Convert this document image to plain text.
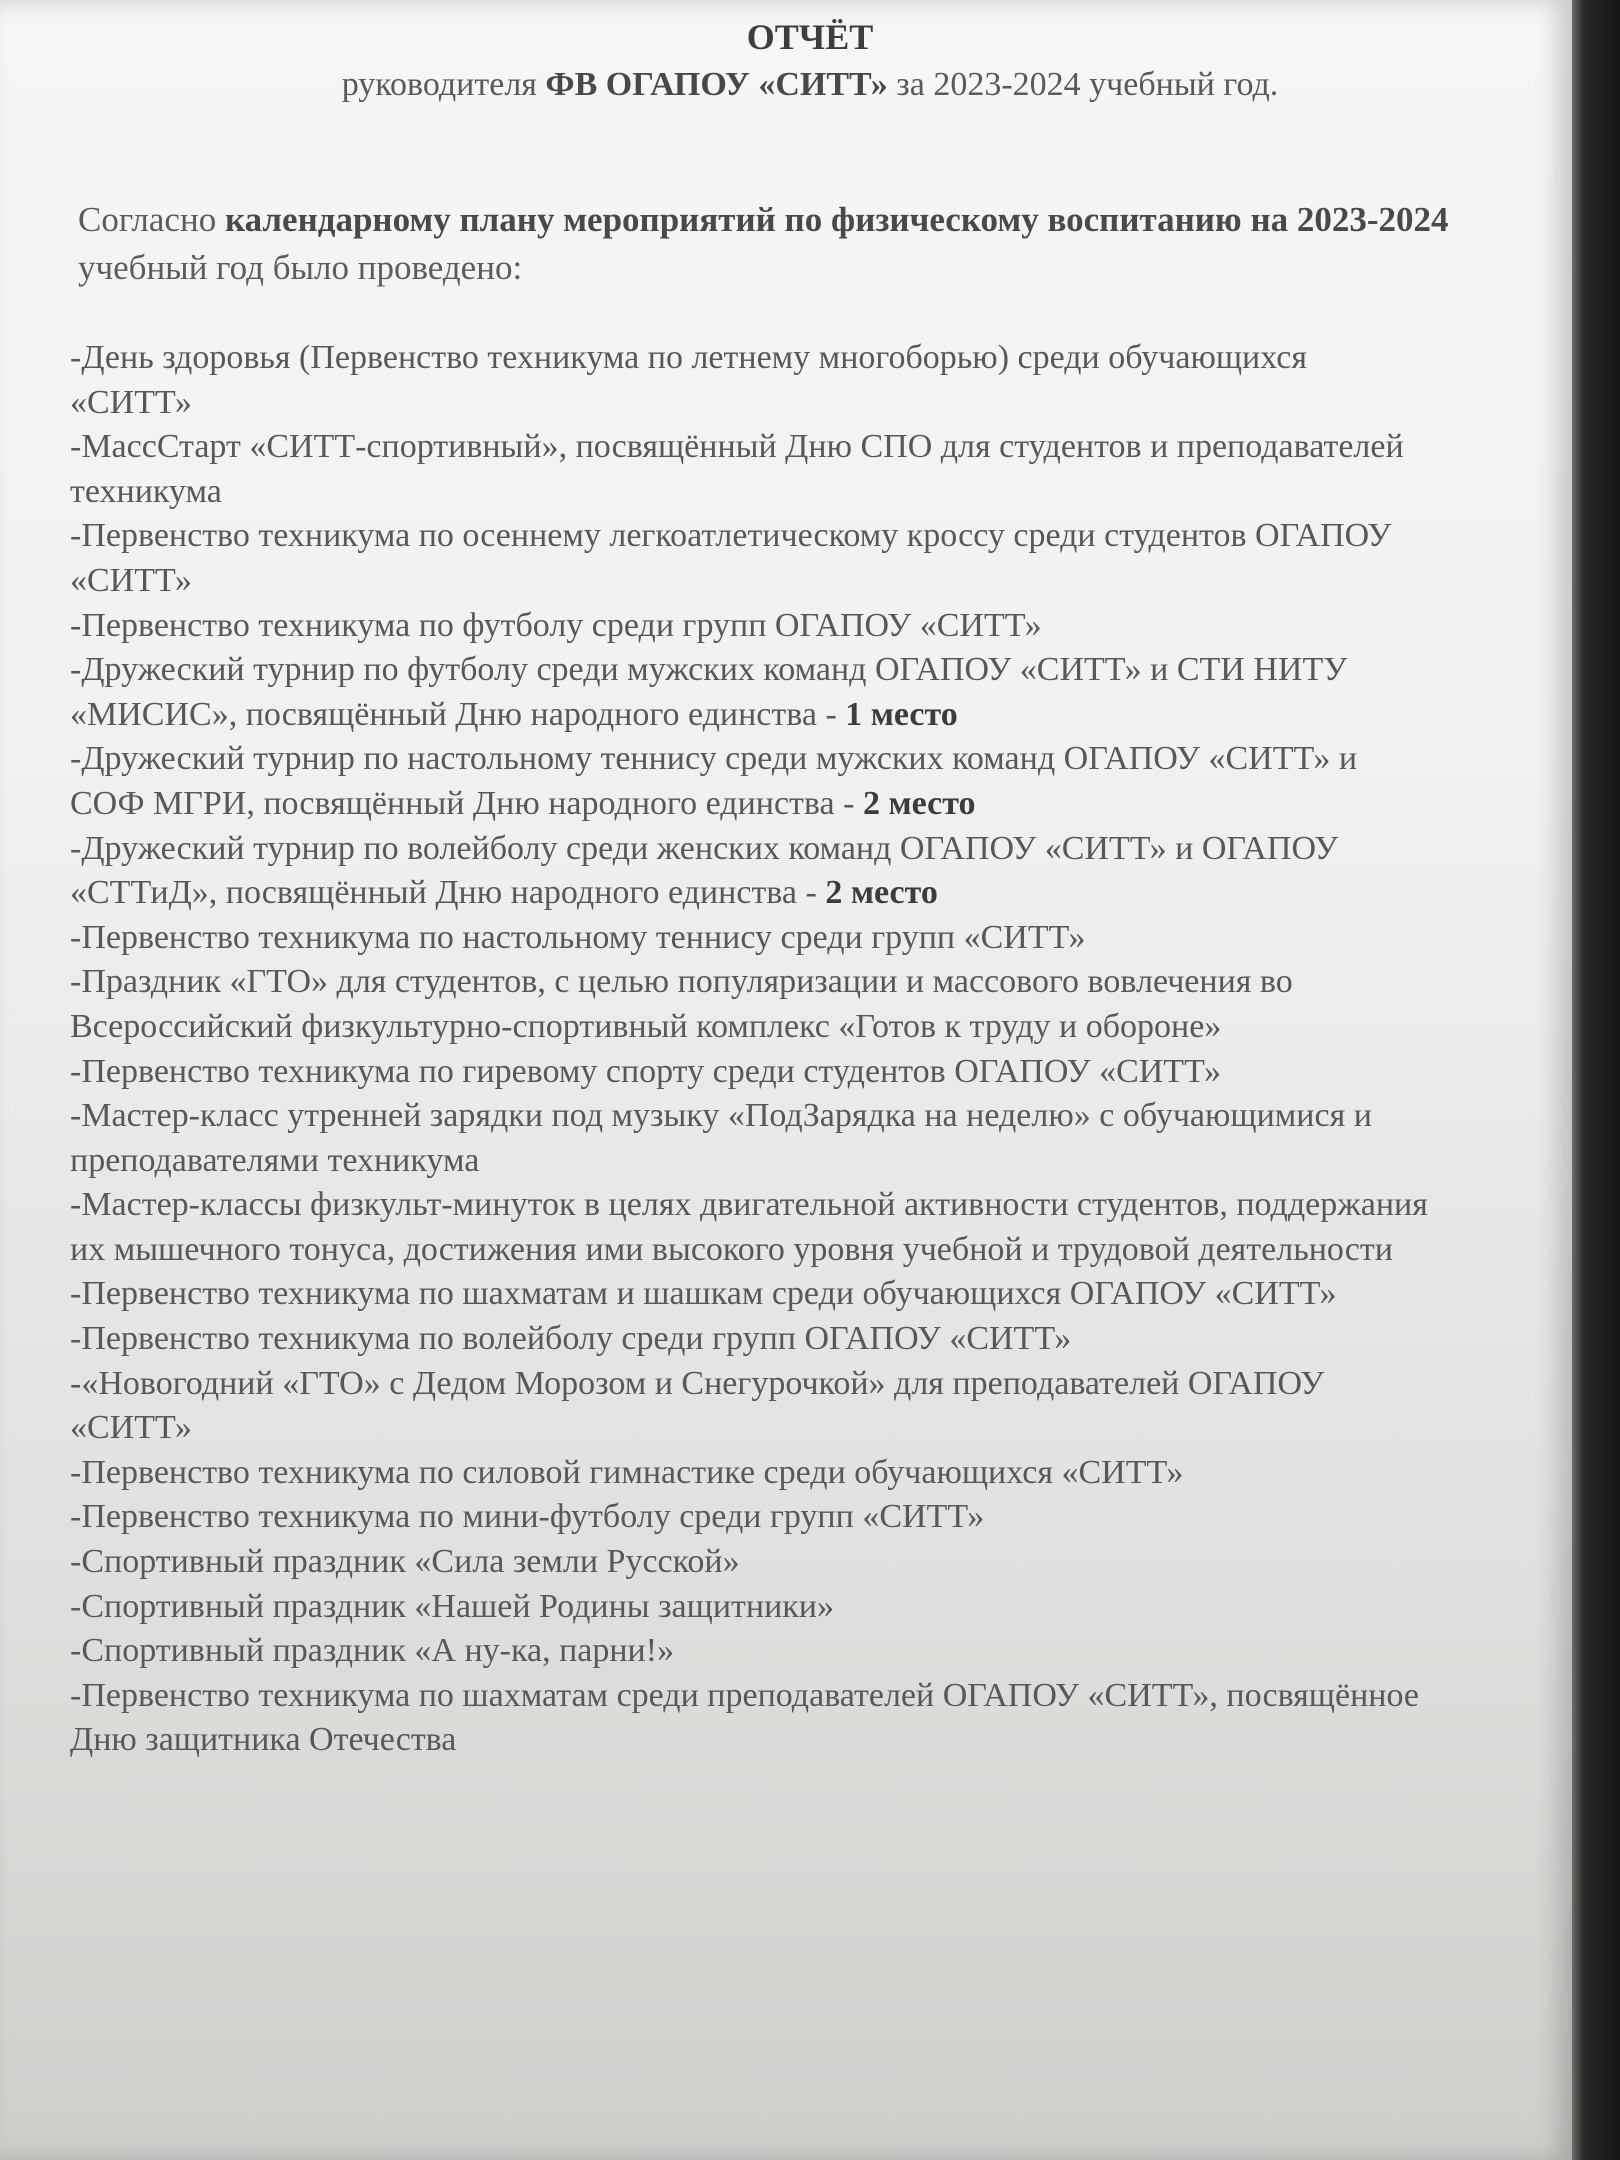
ОТЧЁТ
руководителя ФВ ОГАПОУ «СИТТ» за 2023-2024 учебный год.
Согласно календарному плану мероприятий по физическому воспитанию на 2023-2024 учебный год было проведено:

-День здоровья (Первенство техникума по летнему многоборью) среди обучающихся «СИТТ»

-МассСтарт «СИТТ-спортивный», посвящённый Дню СПО для студентов и преподавателей техникума

-Первенство техникума по осеннему легкоатлетическому кроссу среди студентов ОГАПОУ «СИТТ»

-Первенство техникума по футболу среди групп ОГАПОУ «СИТТ»

-Дружеский турнир по футболу среди мужских команд ОГАПОУ «СИТТ» и СТИ НИТУ «МИСИС», посвящённый Дню народного единства - 1 место

-Дружеский турнир по настольному теннису среди мужских команд ОГАПОУ «СИТТ» и СОФ МГРИ, посвящённый Дню народного единства - 2 место

-Дружеский турнир по волейболу среди женских команд ОГАПОУ «СИТТ» и ОГАПОУ «СТТиД», посвящённый Дню народного единства - 2 место

-Первенство техникума по настольному теннису среди групп «СИТТ»

-Праздник «ГТО» для студентов, с целью популяризации и массового вовлечения во Всероссийский физкультурно-спортивный комплекс «Готов к труду и обороне»

-Первенство техникума по гиревому спорту среди студентов ОГАПОУ «СИТТ»

-Мастер-класс утренней зарядки под музыку «ПодЗарядка на неделю» с обучающимися и преподавателями техникума

-Мастер-классы физкульт-минуток в целях двигательной активности студентов, поддержания их мышечного тонуса, достижения ими высокого уровня учебной и трудовой деятельности

-Первенство техникума по шахматам и шашкам среди обучающихся ОГАПОУ «СИТТ»

-Первенство техникума по волейболу среди групп ОГАПОУ «СИТТ»

-«Новогодний «ГТО» с Дедом Морозом и Снегурочкой» для преподавателей ОГАПОУ «СИТТ»

-Первенство техникума по силовой гимнастике среди обучающихся «СИТТ»

-Первенство техникума по мини-футболу среди групп «СИТТ»

-Спортивный праздник «Сила земли Русской»

-Спортивный праздник «Нашей Родины защитники»

-Спортивный праздник «А ну-ка, парни!»

-Первенство техникума по шахматам среди преподавателей ОГАПОУ «СИТТ», посвящённое Дню защитника Отечества
